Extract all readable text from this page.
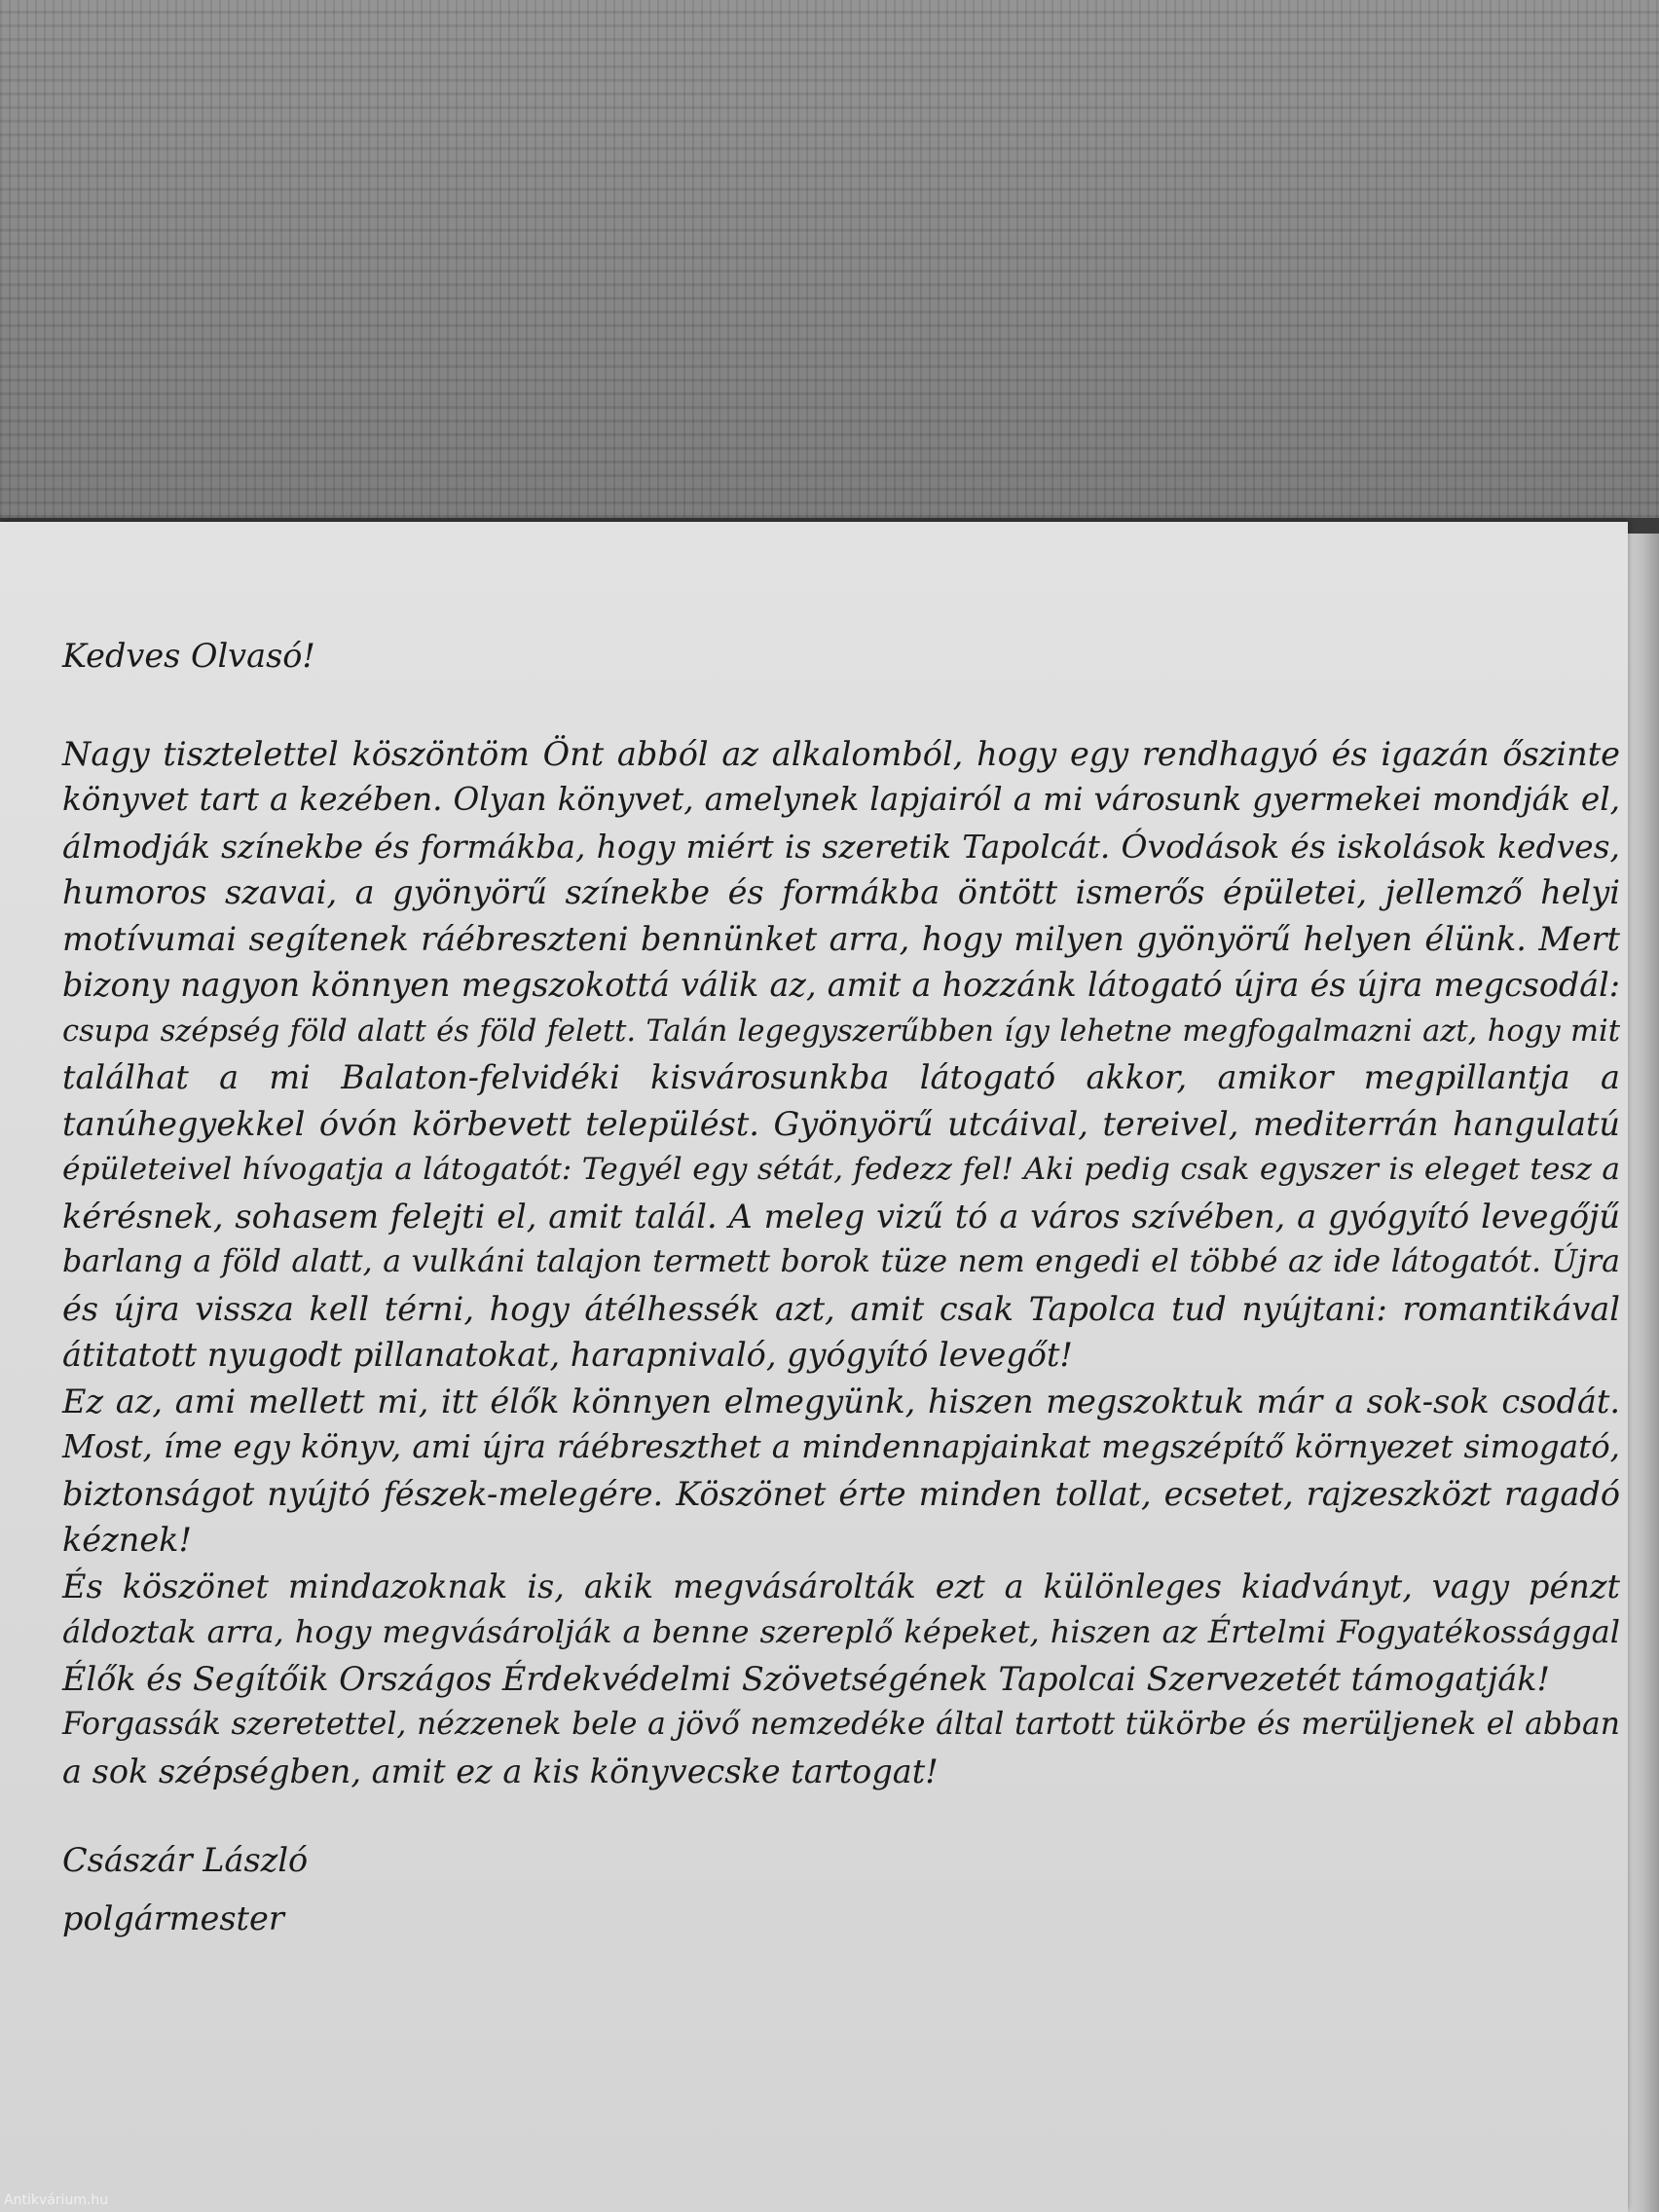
Kedves Olvasó!
Nagy tisztelettel köszöntöm Önt abból az alkalomból, hogy egy rendhagyó és igazán őszinte
könyvet tart a kezében. Olyan könyvet, amelynek lapjairól a mi városunk gyermekei mondják el,
álmodják színekbe és formákba, hogy miért is szeretik Tapolcát. Óvodások és iskolások kedves,
humoros szavai, a gyönyörű színekbe és formákba öntött ismerős épületei, jellemző helyi
motívumai segítenek ráébreszteni bennünket arra, hogy milyen gyönyörű helyen élünk. Mert
bizony nagyon könnyen megszokottá válik az, amit a hozzánk látogató újra és újra megcsodál:
csupa szépség föld alatt és föld felett. Talán legegyszerűbben így lehetne megfogalmazni azt, hogy mit
találhat a mi Balaton-felvidéki kisvárosunkba látogató akkor, amikor megpillantja a
tanúhegyekkel óvón körbevett települést. Gyönyörű utcáival, tereivel, mediterrán hangulatú
épületeivel hívogatja a látogatót: Tegyél egy sétát, fedezz fel! Aki pedig csak egyszer is eleget tesz a
kérésnek, sohasem felejti el, amit talál. A meleg vizű tó a város szívében, a gyógyító levegőjű
barlang a föld alatt, a vulkáni talajon termett borok tüze nem engedi el többé az ide látogatót. Újra
és újra vissza kell térni, hogy átélhessék azt, amit csak Tapolca tud nyújtani: romantikával
átitatott nyugodt pillanatokat, harapnivaló, gyógyító levegőt!
Ez az, ami mellett mi, itt élők könnyen elmegyünk, hiszen megszoktuk már a sok-sok csodát.
Most, íme egy könyv, ami újra ráébreszthet a mindennapjainkat megszépítő környezet simogató,
biztonságot nyújtó fészek-melegére. Köszönet érte minden tollat, ecsetet, rajzeszközt ragadó
kéznek!
És köszönet mindazoknak is, akik megvásárolták ezt a különleges kiadványt, vagy pénzt
áldoztak arra, hogy megvásárolják a benne szereplő képeket, hiszen az Értelmi Fogyatékossággal
Élők és Segítőik Országos Érdekvédelmi Szövetségének Tapolcai Szervezetét támogatják!
Forgassák szeretettel, nézzenek bele a jövő nemzedéke által tartott tükörbe és merüljenek el abban
a sok szépségben, amit ez a kis könyvecske tartogat!
Császár László
polgármester
Antikvárium.hu
